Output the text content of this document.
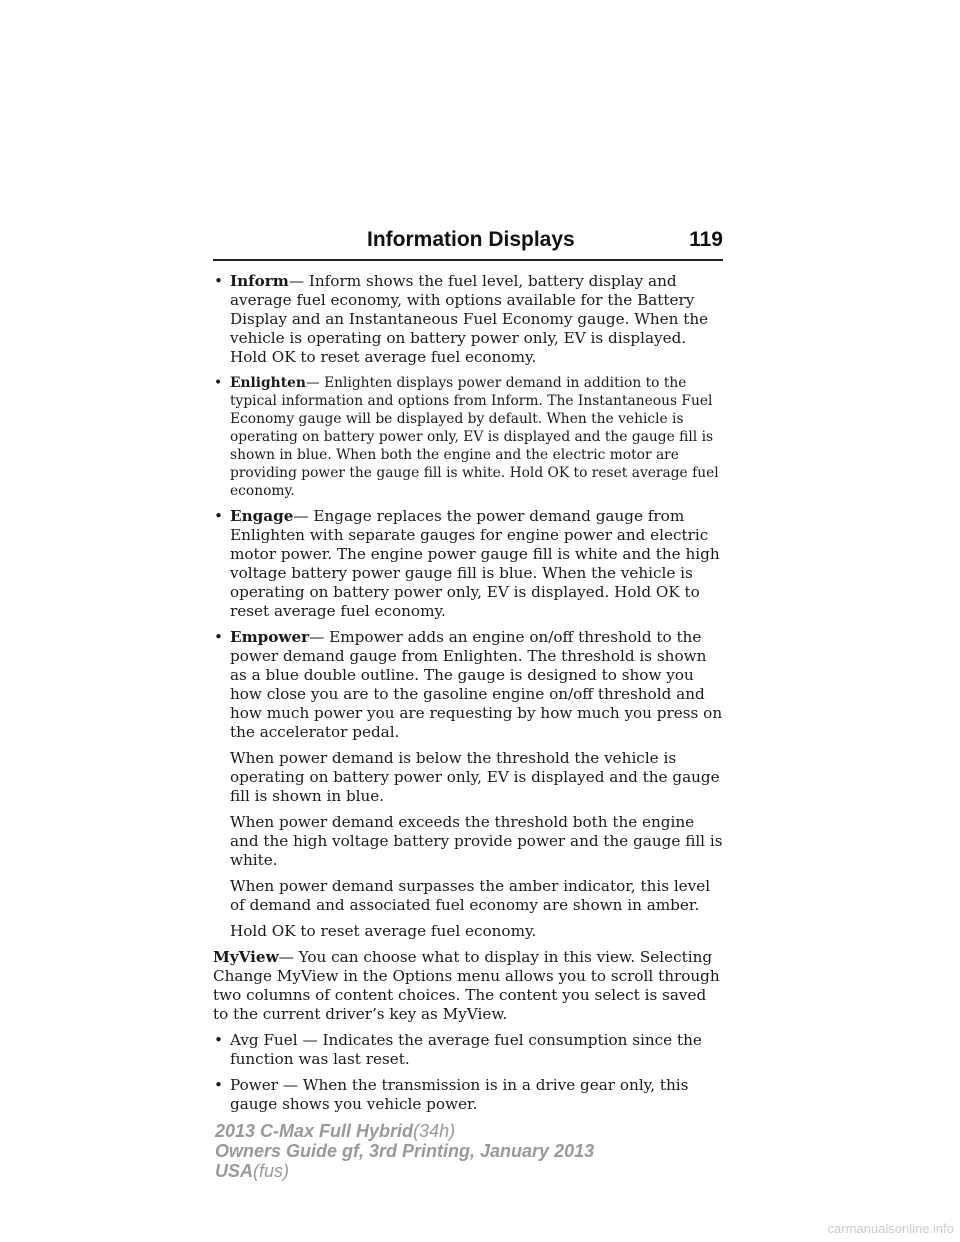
Information Displays	119
• Inform— Inform shows the fuel level, battery display and average fuel economy, with options available for the Battery Display and an Instantaneous Fuel Economy gauge. When the vehicle is operating on battery power only, EV is displayed. Hold OK to reset average fuel economy.
• Enlighten— Enlighten displays power demand in addition to the typical information and options from Inform. The Instantaneous Fuel Economy gauge will be displayed by default. When the vehicle is operating on battery power only, EV is displayed and the gauge fill is shown in blue. When both the engine and the electric motor are providing power the gauge fill is white. Hold OK to reset average fuel economy.
• Engage— Engage replaces the power demand gauge from Enlighten with separate gauges for engine power and electric motor power. The engine power gauge fill is white and the high voltage battery power gauge fill is blue. When the vehicle is operating on battery power only, EV is displayed. Hold OK to reset average fuel economy.
• Empower— Empower adds an engine on/off threshold to the power demand gauge from Enlighten. The threshold is shown as a blue double outline. The gauge is designed to show you how close you are to the gasoline engine on/off threshold and how much power you are requesting by how much you press on the accelerator pedal.

When power demand is below the threshold the vehicle is operating on battery power only, EV is displayed and the gauge fill is shown in blue.

When power demand exceeds the threshold both the engine and the high voltage battery provide power and the gauge fill is white.

When power demand surpasses the amber indicator, this level of demand and associated fuel economy are shown in amber.

Hold OK to reset average fuel economy.

MyView— You can choose what to display in this view. Selecting Change MyView in the Options menu allows you to scroll through two columns of content choices. The content you select is saved to the current driver’s key as MyView.

• Avg Fuel — Indicates the average fuel consumption since the function was last reset.
• Power — When the transmission is in a drive gear only, this gauge shows you vehicle power.
2013 C-Max Full Hybrid(34h)
Owners Guide gf, 3rd Printing, January 2013
USA(fus)
carmanualsonline.info
